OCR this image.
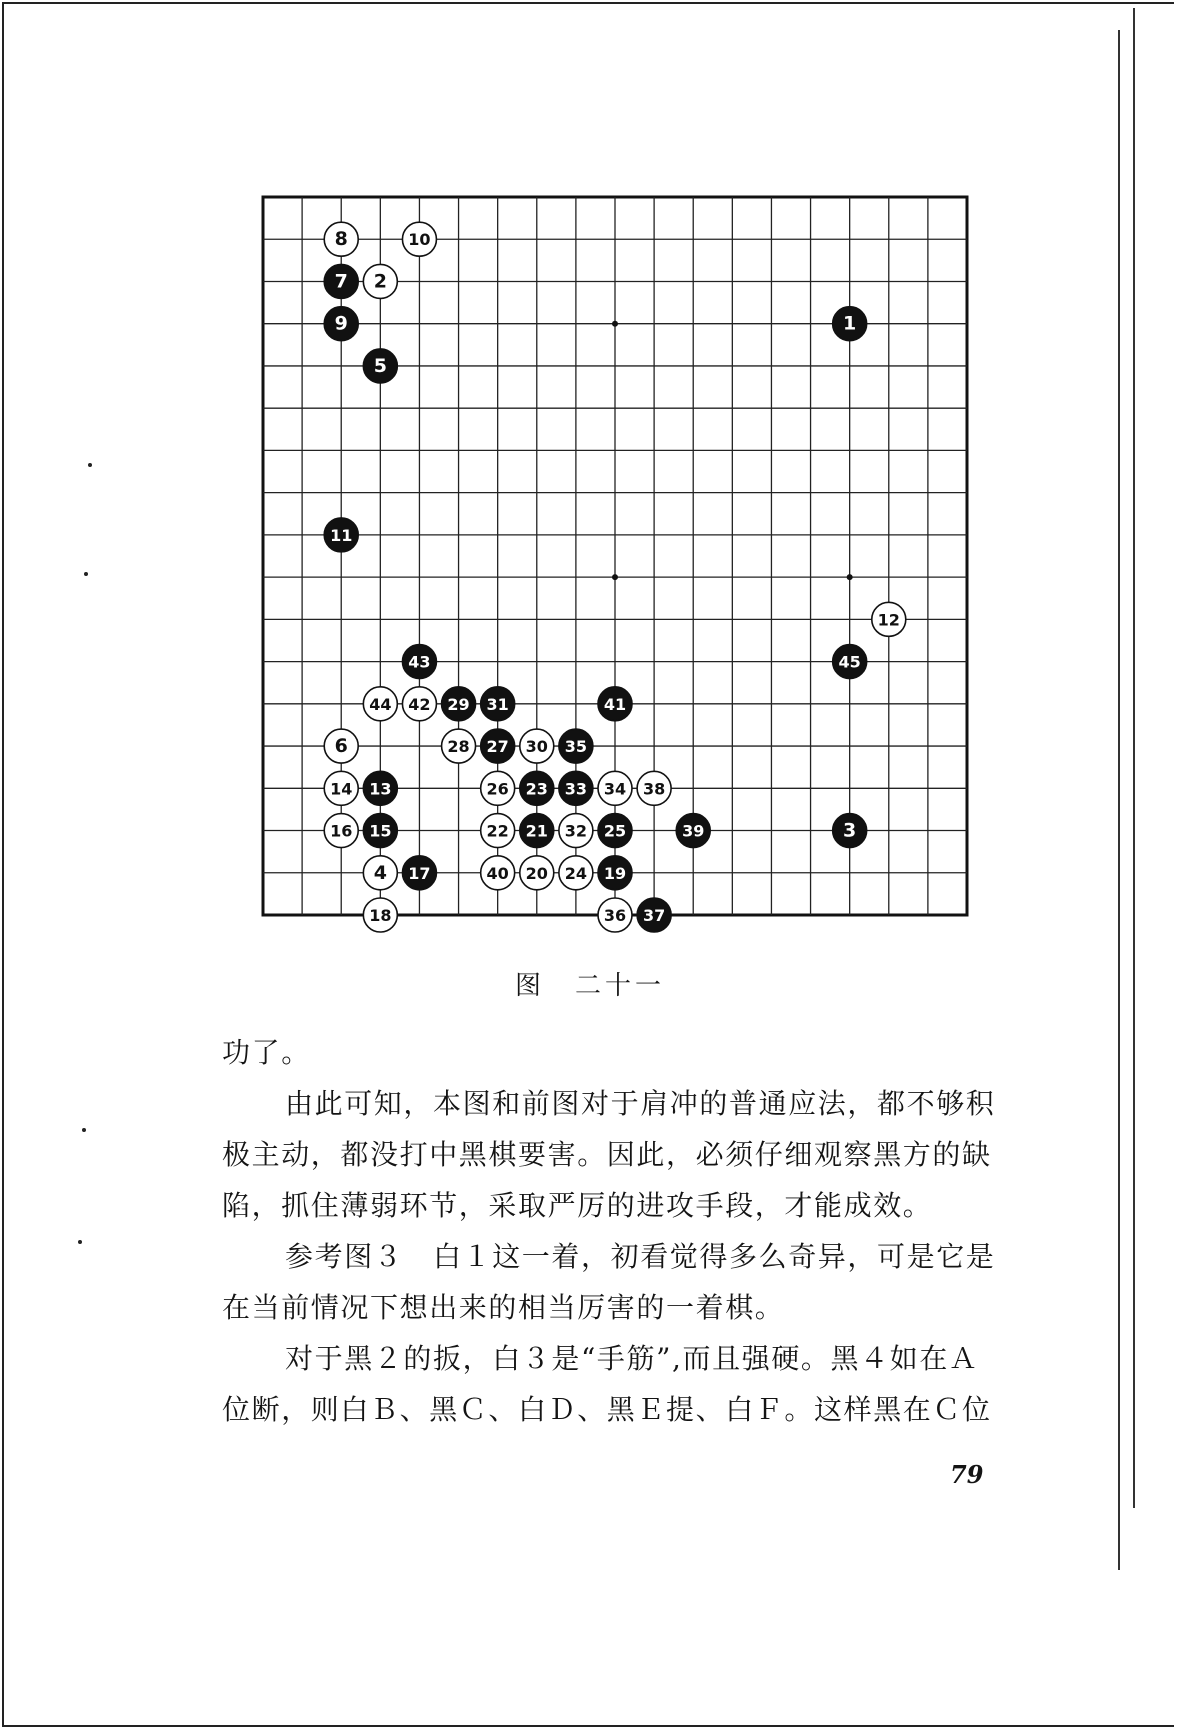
1
2
3
4
5
6
7
8
9
10
11
12
13
14
15
16
17
18
19
20
21
22
23
24
25
26
27
28
29
30
31
32
33 34
35
36 37
38
39
40
41
42
43
44
45
图　二十一
功了。
由此可知，本图和前图对于肩冲的普通应法，都不够积
极主动，都没打中黑棋要害。因此，必须仔细观察黑方的缺
陷，抓住薄弱环节，采取严厉的进攻手段，才能成效。
参考图３　白１这一着，初看觉得多么奇异，可是它是
在当前情况下想出来的相当厉害的一着棋。
对于黑２的扳，白３是“手筋”,而且强硬。黑４如在Ａ
位断，则白Ｂ、黑Ｃ、白Ｄ、黑Ｅ提、白Ｆ。这样黑在Ｃ位
79
